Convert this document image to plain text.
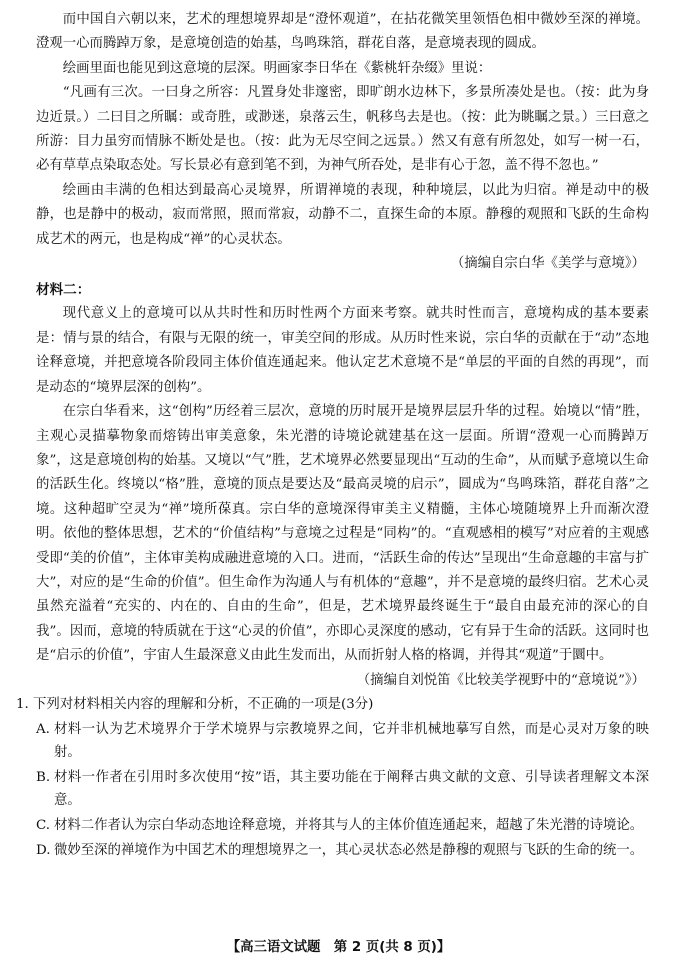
而中国自六朝以来，艺术的理想境界却是“澄怀观道”，在拈花微笑里领悟色相中微妙至深的禅境。澄观一心而腾踔万象，是意境创造的始基，鸟鸣珠箔，群花自落，是意境表现的圆成。

绘画里面也能见到这意境的层深。明画家李日华在《紫桃轩杂缀》里说：

“凡画有三次。一曰身之所容：凡置身处非邃密，即旷朗水边林下，多景所凑处是也。（按：此为身边近景。）二曰目之所瞩：或奇胜，或渺迷，泉落云生，帆移鸟去是也。（按：此为眺瞩之景。）三曰意之所游：目力虽穷而情脉不断处是也。（按：此为无尽空间之远景。）然又有意有所忽处，如写一树一石，必有草草点染取态处。写长景必有意到笔不到，为神气所吞处，是非有心于忽，盖不得不忽也。”

绘画由丰满的色相达到最高心灵境界，所谓禅境的表现，种种境层，以此为归宿。禅是动中的极静，也是静中的极动，寂而常照，照而常寂，动静不二，直探生命的本原。静穆的观照和飞跃的生命构成艺术的两元，也是构成“禅”的心灵状态。

（摘编自宗白华《美学与意境》）

材料二：

现代意义上的意境可以从共时性和历时性两个方面来考察。就共时性而言，意境构成的基本要素是：情与景的结合，有限与无限的统一，审美空间的形成。从历时性来说，宗白华的贡献在于“动”态地诠释意境，并把意境各阶段同主体价值连通起来。他认定艺术意境不是“单层的平面的自然的再现”，而是动态的“境界层深的创构”。

在宗白华看来，这“创构”历经着三层次，意境的历时展开是境界层层升华的过程。始境以“情”胜，主观心灵描摹物象而熔铸出审美意象，朱光潜的诗境论就建基在这一层面。所谓“澄观一心而腾踔万象”，这是意境创构的始基。又境以“气”胜，艺术境界必然要显现出“互动的生命”，从而赋予意境以生命的活跃生化。终境以“格”胜，意境的顶点是要达及“最高灵境的启示”，圆成为“鸟鸣珠箔，群花自落”之境。这种超旷空灵为“禅”境所葆真。宗白华的意境深得审美主义精髓，主体心境随境界上升而渐次澄明。依他的整体思想，艺术的“价值结构”与意境之过程是“同构”的。“直观感相的模写”对应着的主观感受即“美的价值”，主体审美构成融进意境的入口。进而，“活跃生命的传达”呈现出“生命意趣的丰富与扩大”，对应的是“生命的价值”。但生命作为沟通人与有机体的“意趣”，并不是意境的最终归宿。艺术心灵虽然充溢着“充实的、内在的、自由的生命”，但是，艺术境界最终诞生于“最自由最充沛的深心的自我”。因而，意境的特质就在于这“心灵的价值”，亦即心灵深度的感动，它有异于生命的活跃。这同时也是“启示的价值”，宇宙人生最深意义由此生发而出，从而折射人格的格调，并得其“观道”于圜中。

（摘编自刘悦笛《比较美学视野中的“意境说”》）

1. 下列对材料相关内容的理解和分析，不正确的一项是(3分)

A. 材料一认为艺术境界介于学术境界与宗教境界之间，它并非机械地摹写自然，而是心灵对万象的映射。
B. 材料一作者在引用时多次使用“按”语，其主要功能在于阐释古典文献的文意、引导读者理解文本深意。
C. 材料二作者认为宗白华动态地诠释意境，并将其与人的主体价值连通起来，超越了朱光潜的诗境论。
D. 微妙至深的禅境作为中国艺术的理想境界之一，其心灵状态必然是静穆的观照与飞跃的生命的统一。
【高三语文试题　第 2 页(共 8 页)】
